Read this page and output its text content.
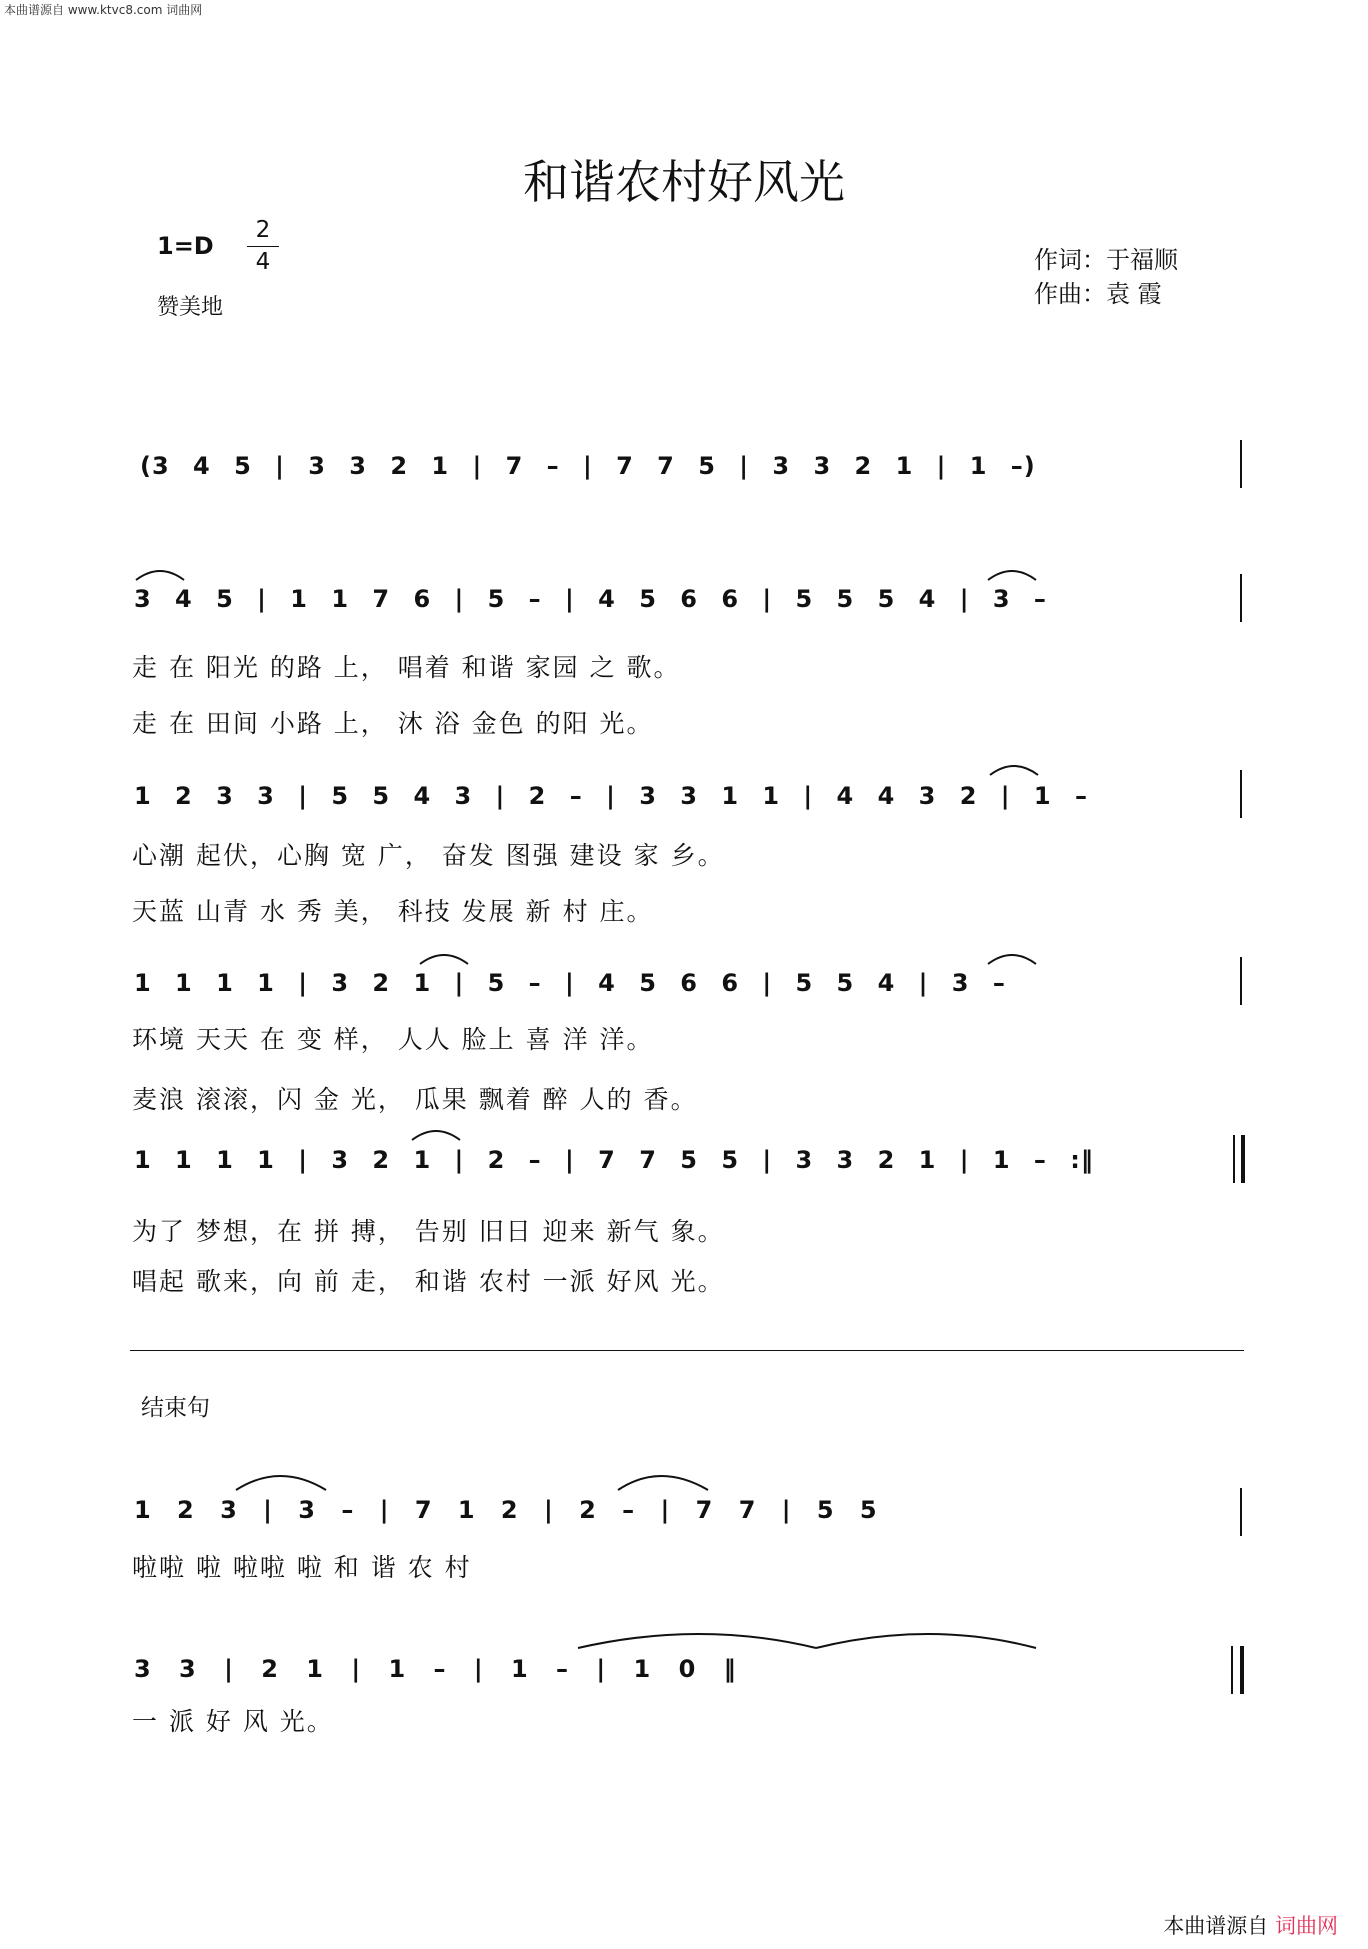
本曲谱源自 www.ktvc8.com 词曲网
和谐农村好风光
1=D
2
4
赞美地
作词：于福顺
作曲：袁 霞
(3 4 5 | 3 3 2 1 | 7 – | 7 7 5 | 3 3 2 1 | 1 –)
3 4 5 | 1 1 7 6 | 5 – | 4 5 6 6 | 5 5 5 4 | 3 –
走 在 阳光 的路 上， 唱着 和谐 家园 之 歌。
走 在 田间 小路 上， 沐 浴 金色 的阳 光。
1 2 3 3 | 5 5 4 3 | 2 – | 3 3 1 1 | 4 4 3 2 | 1 –
心潮 起伏，心胸 宽 广， 奋发 图强 建设 家 乡。
天蓝 山青 水 秀 美， 科技 发展 新 村 庄。
1 1 1 1 | 3 2 1 | 5 – | 4 5 6 6 | 5 5 4 | 3 –
环境 天天 在 变 样， 人人 脸上 喜 洋 洋。
麦浪 滚滚，闪 金 光， 瓜果 飘着 醉 人的 香。
1 1 1 1 | 3 2 1 | 2 – | 7 7 5 5 | 3 3 2 1 | 1 – :‖
为了 梦想，在 拼 搏， 告别 旧日 迎来 新气 象。
唱起 歌来，向 前 走， 和谐 农村 一派 好风 光。
结束句
1 2 3 | 3 – | 7 1 2 | 2 – | 7 7 | 5 5
啦啦 啦 啦啦 啦 和 谐 农 村
3 3 | 2 1 | 1 – | 1 – | 1 0 ‖
一 派 好 风 光。
本曲谱源自 词曲网
